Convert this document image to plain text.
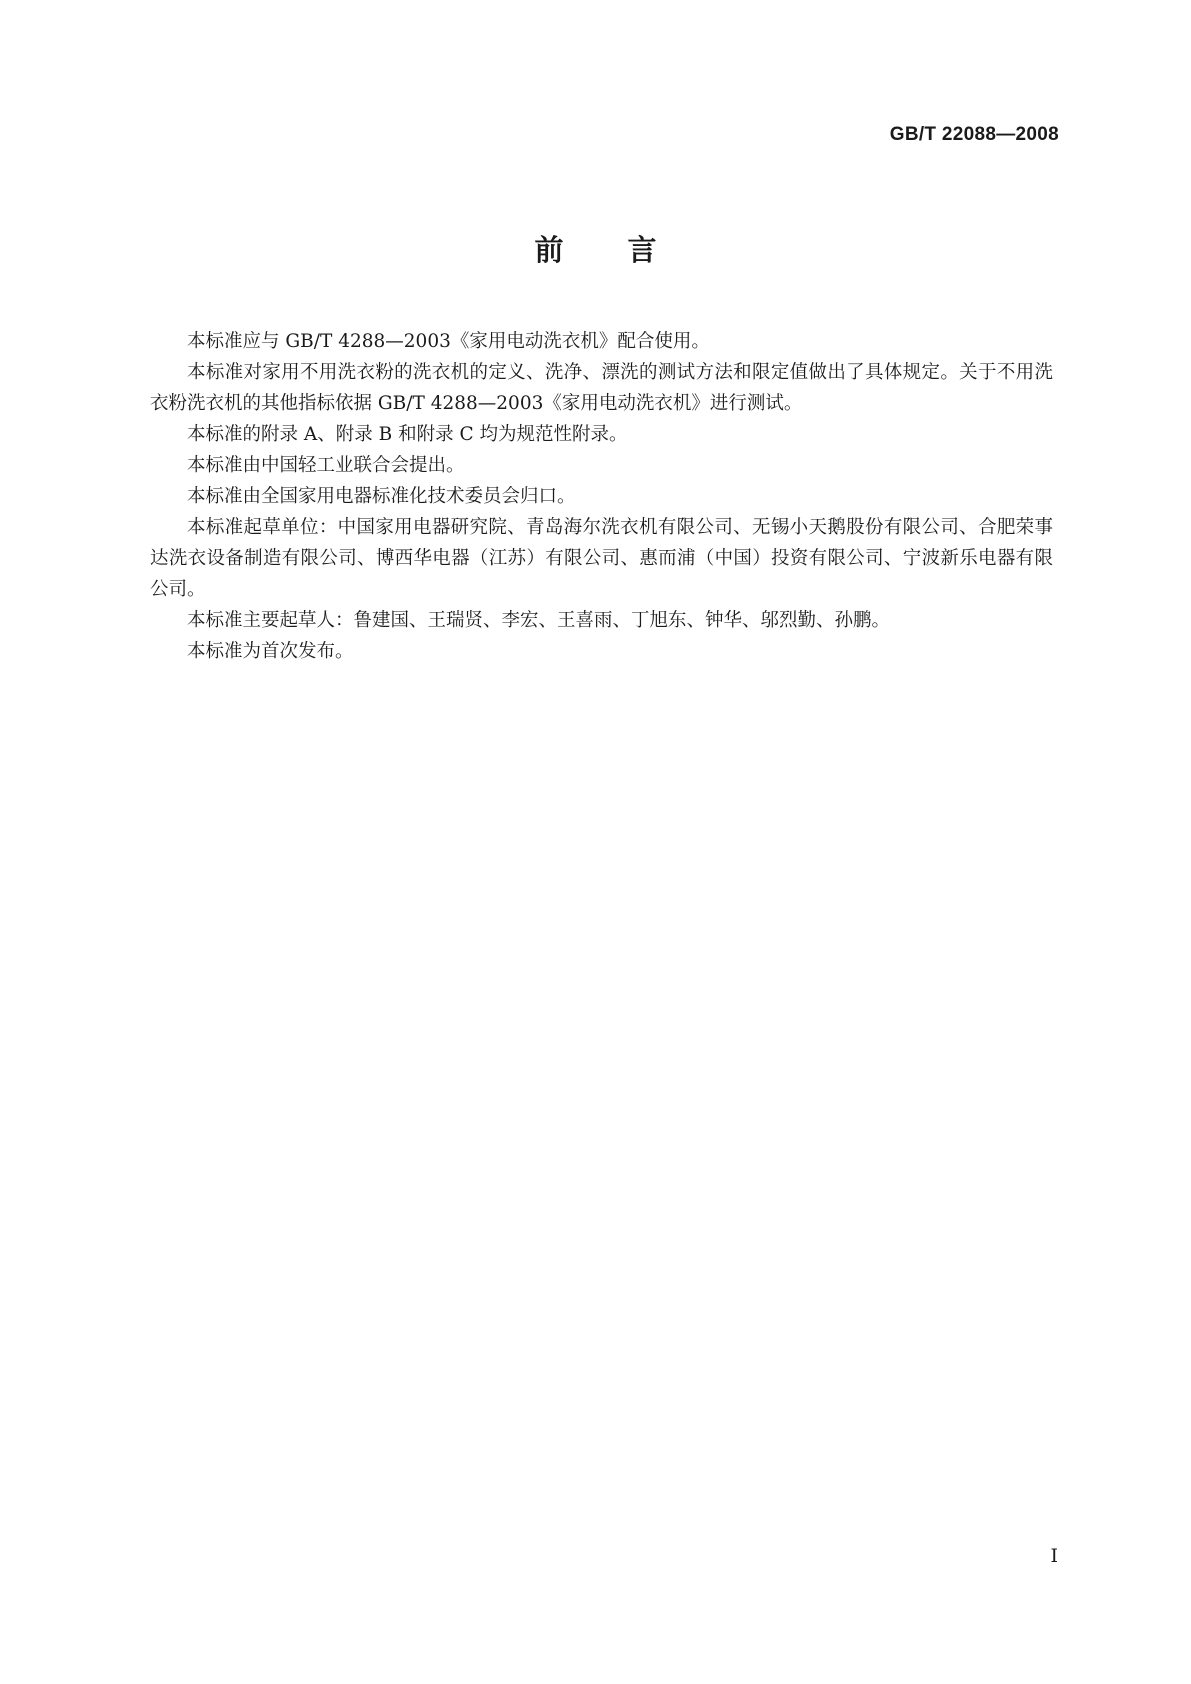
GB/T 22088—2008
前言

本标准应与 GB/T 4288—2003《家用电动洗衣机》配合使用。

本标准对家用不用洗衣粉的洗衣机的定义、洗净、漂洗的测试方法和限定值做出了具体规定。关于不用洗衣粉洗衣机的其他指标依据 GB/T 4288—2003《家用电动洗衣机》进行测试。

本标准的附录 A、附录 B 和附录 C 均为规范性附录。

本标准由中国轻工业联合会提出。

本标准由全国家用电器标准化技术委员会归口。

本标准起草单位：中国家用电器研究院、青岛海尔洗衣机有限公司、无锡小天鹅股份有限公司、合肥荣事达洗衣设备制造有限公司、博西华电器（江苏）有限公司、惠而浦（中国）投资有限公司、宁波新乐电器有限公司。

本标准主要起草人：鲁建国、王瑞贤、李宏、王喜雨、丁旭东、钟华、邬烈勤、孙鹏。

本标准为首次发布。

I
